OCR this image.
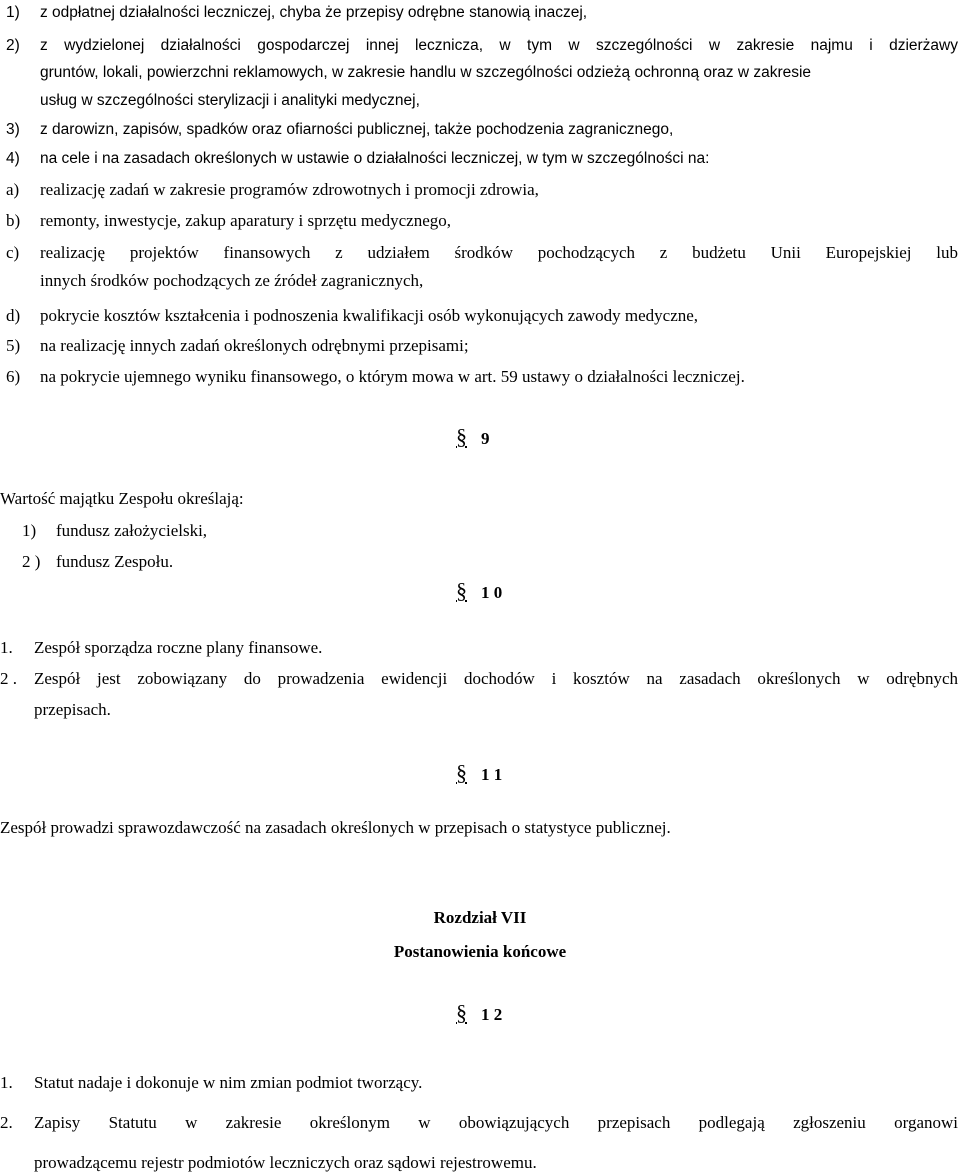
1) z odpłatnej działalności leczniczej, chyba że przepisy odrębne stanowią inaczej,
2) z wydzielonej działalności gospodarczej innej lecznicza, w tym w szczególności w zakresie najmu i dzierżawy
gruntów, lokali, powierzchni reklamowych, w zakresie handlu w szczególności odzieżą ochronną oraz w zakresie
usług w szczególności sterylizacji i analityki medycznej,
3) z darowizn, zapisów, spadków oraz ofiarności publicznej, także pochodzenia zagranicznego,
4) na cele i na zasadach określonych w ustawie o działalności leczniczej, w tym w szczególności na:
a) realizację zadań w zakresie programów zdrowotnych i promocji zdrowia,
b) remonty, inwestycje, zakup aparatury i sprzętu medycznego,
c) realizację projektów finansowych z udziałem środków pochodzących z budżetu Unii Europejskiej lub
innych środków pochodzących ze źródeł zagranicznych,
d) pokrycie kosztów kształcenia i podnoszenia kwalifikacji osób wykonujących zawody medyczne,
5) na realizację innych zadań określonych odrębnymi przepisami;
6) na pokrycie ujemnego wyniku finansowego, o którym mowa w art. 59 ustawy o działalności leczniczej.
§ 9
Wartość majątku Zespołu określają:
1) fundusz założycielski,
2 ) fundusz Zespołu.
§ 1 0
1. Zespół sporządza roczne plany finansowe.
2 . Zespół jest zobowiązany do prowadzenia ewidencji dochodów i kosztów na zasadach określonych w odrębnych
przepisach.
§ 1 1
Zespół prowadzi sprawozdawczość na zasadach określonych w przepisach o statystyce publicznej.
Rozdział VII
Postanowienia końcowe
§ 1 2
1. Statut nadaje i dokonuje w nim zmian podmiot tworzący.
2. Zapisy Statutu w zakresie określonym w obowiązujących przepisach podlegają zgłoszeniu organowi
prowadzącemu rejestr podmiotów leczniczych oraz sądowi rejestrowemu.
